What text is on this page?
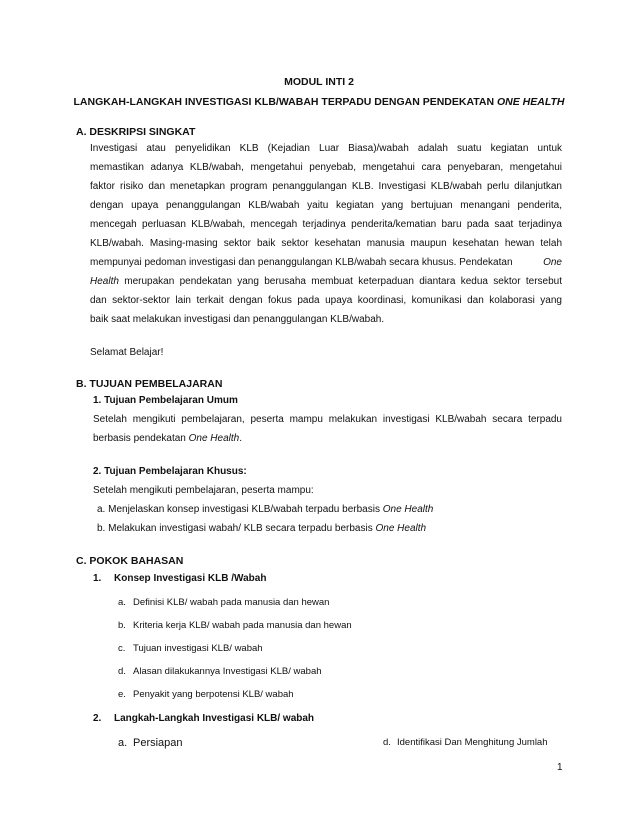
MODUL INTI 2
LANGKAH-LANGKAH INVESTIGASI KLB/WABAH TERPADU DENGAN PENDEKATAN ONE HEALTH
A. DESKRIPSI SINGKAT
Investigasi atau penyelidikan KLB (Kejadian Luar Biasa)/wabah adalah suatu kegiatan untuk
memastikan adanya KLB/wabah, mengetahui penyebab, mengetahui cara penyebaran, mengetahui
faktor risiko dan menetapkan program penanggulangan KLB. Investigasi KLB/wabah perlu dilanjutkan
dengan upaya penanggulangan KLB/wabah yaitu kegiatan yang bertujuan menangani penderita,
mencegah perluasan KLB/wabah, mencegah terjadinya penderita/kematian baru pada saat terjadinya
KLB/wabah. Masing-masing sektor baik sektor kesehatan manusia maupun kesehatan hewan telah
mempunyai pedoman investigasi dan penanggulangan KLB/wabah secara khusus. Pendekatan	One
Health merupakan pendekatan yang berusaha membuat keterpaduan diantara kedua sektor tersebut
dan sektor-sektor lain terkait dengan fokus pada upaya koordinasi, komunikasi dan kolaborasi yang
baik saat melakukan investigasi dan penanggulangan KLB/wabah.
Selamat Belajar!
B. TUJUAN PEMBELAJARAN
1. Tujuan Pembelajaran Umum
Setelah mengikuti pembelajaran, peserta mampu melakukan investigasi KLB/wabah secara terpadu
berbasis pendekatan One Health.
2. Tujuan Pembelajaran Khusus:
Setelah mengikuti pembelajaran, peserta mampu:
a. Menjelaskan konsep investigasi KLB/wabah terpadu berbasis One Health
b. Melakukan investigasi wabah/ KLB secara terpadu berbasis One Health
C. POKOK BAHASAN
1. Konsep Investigasi KLB /Wabah
a. Definisi KLB/ wabah pada manusia dan hewan
b. Kriteria kerja KLB/ wabah pada manusia dan hewan
c. Tujuan investigasi KLB/ wabah
d. Alasan dilakukannya Investigasi KLB/ wabah
e. Penyakit yang berpotensi KLB/ wabah
2. Langkah-Langkah Investigasi KLB/ wabah
a. Persiapan	d. Identifikasi Dan Menghitung Jumlah
1
